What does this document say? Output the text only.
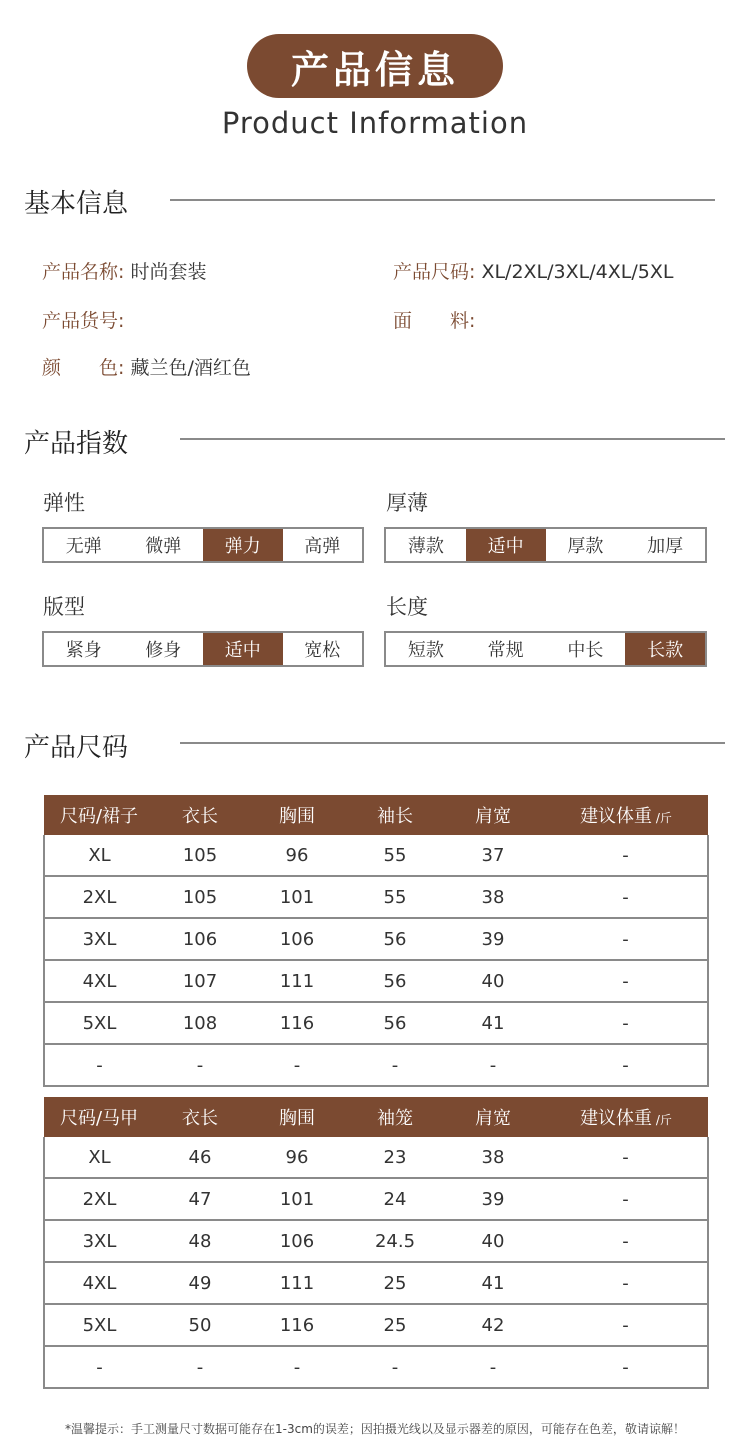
产品信息
Product Information
基本信息
产品名称: 时尚套装	产品尺码: XL/2XL/3XL/4XL/5XL
产品货号:	面　　料:
颜　　色: 藏兰色/酒红色
产品指数
弹性
无弹	微弹	弹力	高弹
厚薄
薄款	适中	厚款	加厚
版型
紧身	修身	适中	宽松
长度
短款	常规	中长	长款
产品尺码
尺码/裙子	衣长	胸围	袖长	肩宽	建议体重 /斤
XL	105	96	55	37	-
2XL	105	101	55	38	-
3XL	106	106	56	39	-
4XL	107	111	56	40	-
5XL	108	116	56	41	-
-	-	-	-	-	-
尺码/马甲	衣长	胸围	袖笼	肩宽	建议体重 /斤
XL	46	96	23	38	-
2XL	47	101	24	39	-
3XL	48	106	24.5	40	-
4XL	49	111	25	41	-
5XL	50	116	25	42	-
-	-	-	-	-	-
*温馨提示：手工测量尺寸数据可能存在1-3cm的误差；因拍摄光线以及显示器差的原因，可能存在色差，敬请谅解！
